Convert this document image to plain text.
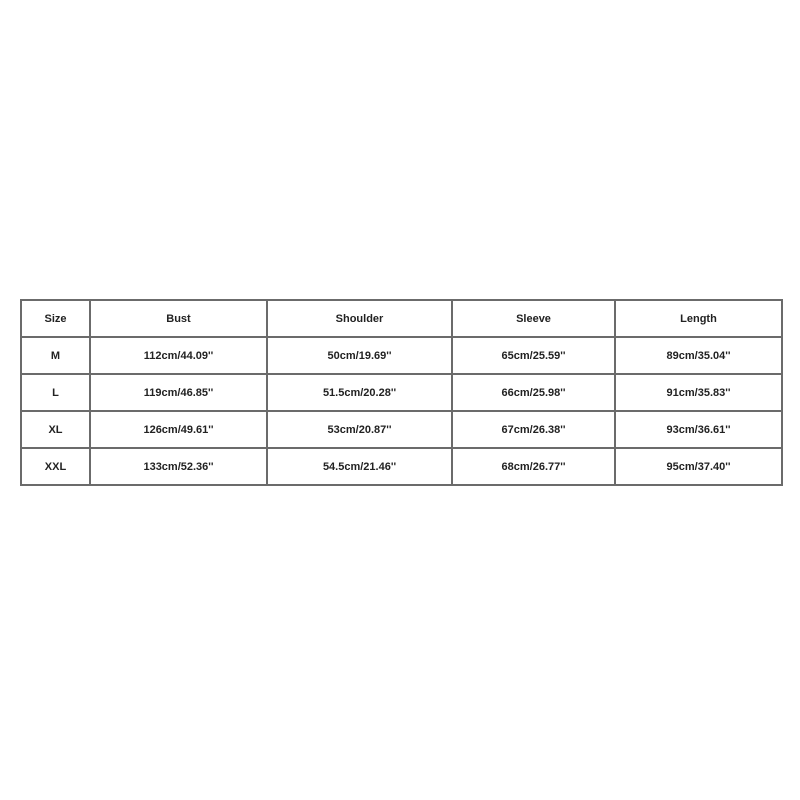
Size	Bust	Shoulder	Sleeve	Length
M	112cm/44.09''	50cm/19.69''	65cm/25.59''	89cm/35.04''
L	119cm/46.85''	51.5cm/20.28''	66cm/25.98''	91cm/35.83''
XL	126cm/49.61''	53cm/20.87''	67cm/26.38''	93cm/36.61''
XXL	133cm/52.36''	54.5cm/21.46''	68cm/26.77''	95cm/37.40''
